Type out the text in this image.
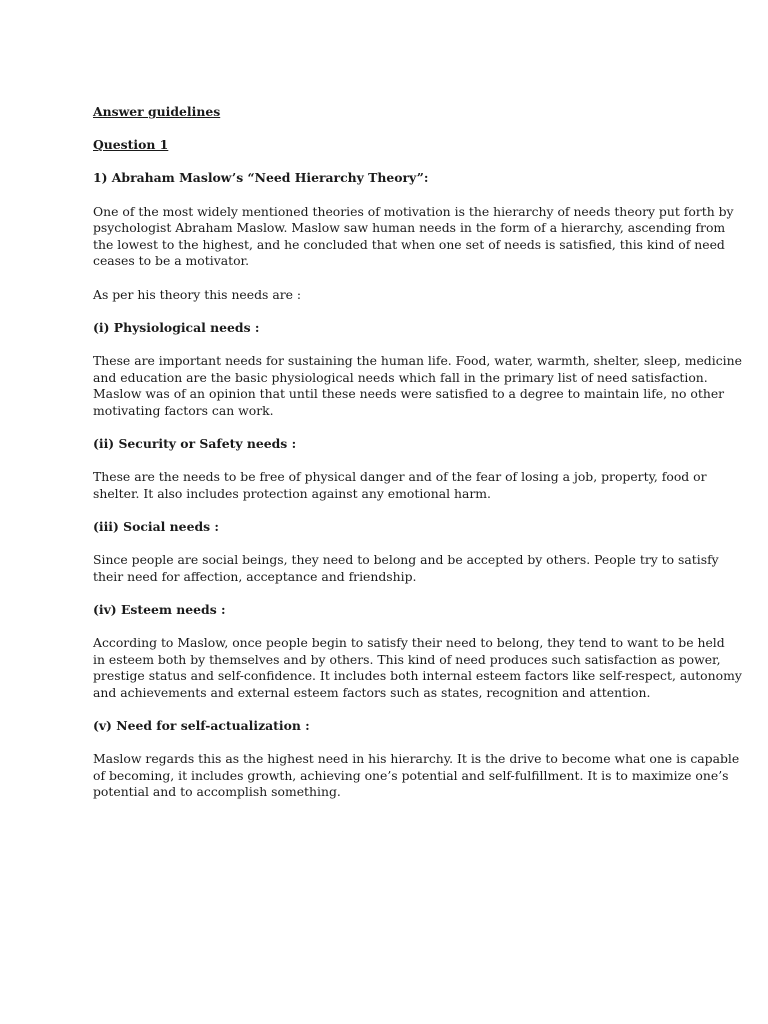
Answer guidelines

Question 1

1) Abraham Maslow’s “Need Hierarchy Theory”:

One of the most widely mentioned theories of motivation is the hierarchy of needs theory put forth by

psychologist Abraham Maslow. Maslow saw human needs in the form of a hierarchy, ascending from

the lowest to the highest, and he concluded that when one set of needs is satisfied, this kind of need

ceases to be a motivator.

As per his theory this needs are :

(i) Physiological needs :

These are important needs for sustaining the human life. Food, water, warmth, shelter, sleep, medicine

and education are the basic physiological needs which fall in the primary list of need satisfaction.

Maslow was of an opinion that until these needs were satisfied to a degree to maintain life, no other

motivating factors can work.

(ii) Security or Safety needs :

These are the needs to be free of physical danger and of the fear of losing a job, property, food or

shelter. It also includes protection against any emotional harm.

(iii) Social needs :

Since people are social beings, they need to belong and be accepted by others. People try to satisfy

their need for affection, acceptance and friendship.

(iv) Esteem needs :

According to Maslow, once people begin to satisfy their need to belong, they tend to want to be held

in esteem both by themselves and by others. This kind of need produces such satisfaction as power,

prestige status and self-confidence. It includes both internal esteem factors like self-respect, autonomy

and achievements and external esteem factors such as states, recognition and attention.

(v) Need for self-actualization :

Maslow regards this as the highest need in his hierarchy. It is the drive to become what one is capable

of becoming, it includes growth, achieving one’s potential and self-fulfillment. It is to maximize one’s

potential and to accomplish something.
